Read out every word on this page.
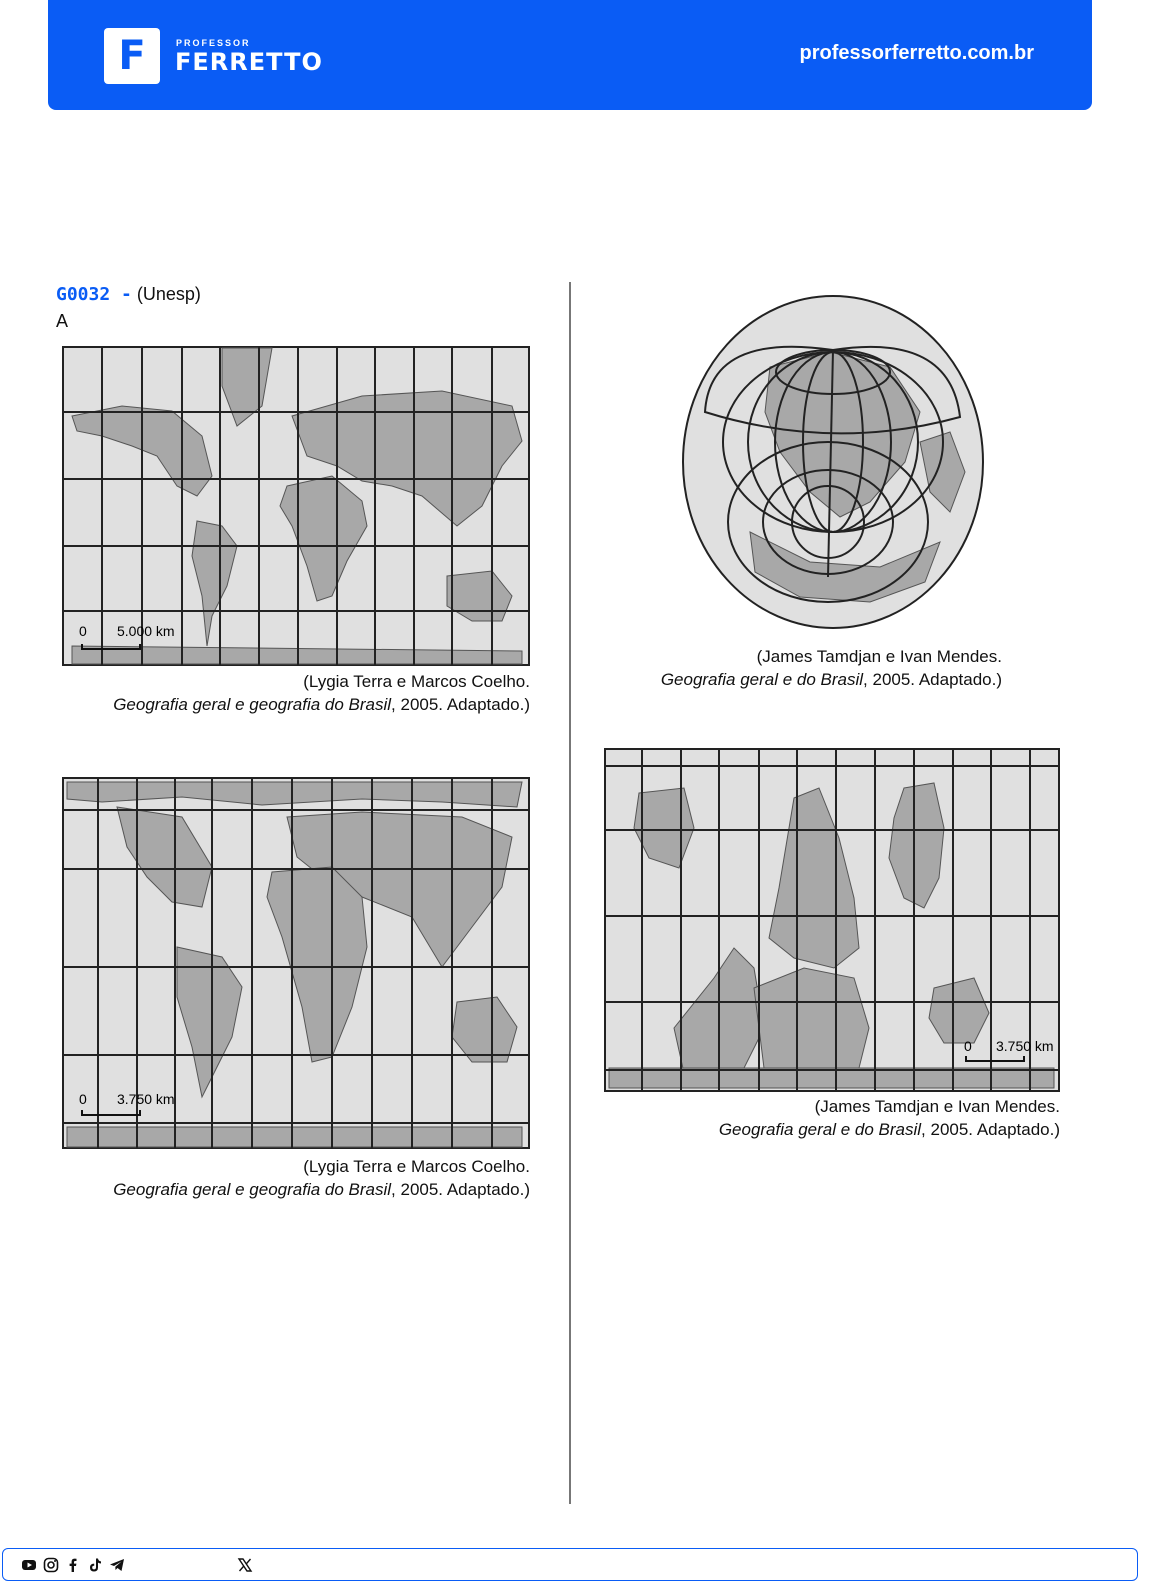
F	PROFESSOR
FERRETTO	professorferretto.com.br
G0032 - (Unesp)
A
0 5.000 km
(Lygia Terra e Marcos Coelho.
Geografia geral e geografia do Brasil, 2005. Adaptado.)
0 3.750 km
(Lygia Terra e Marcos Coelho.
Geografia geral e geografia do Brasil, 2005. Adaptado.)
(James Tamdjan e Ivan Mendes.
Geografia geral e do Brasil, 2005. Adaptado.)
0 3.750 km
(James Tamdjan e Ivan Mendes.
Geografia geral e do Brasil, 2005. Adaptado.)
